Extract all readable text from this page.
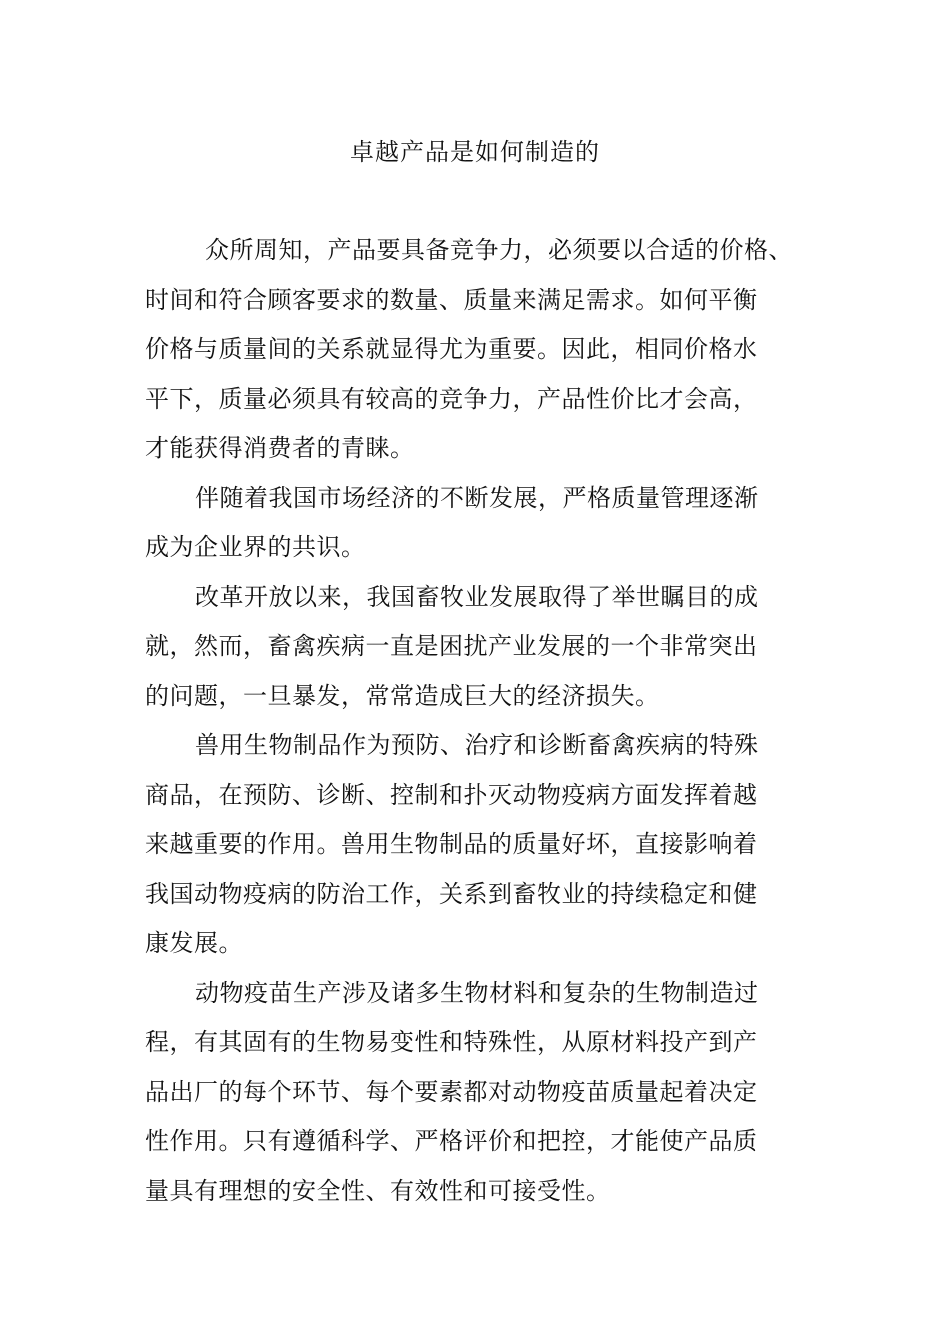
卓越产品是如何制造的
众所周知，产品要具备竞争力，必须要以合适的价格、
时间和符合顾客要求的数量、质量来满足需求。如何平衡
价格与质量间的关系就显得尤为重要。因此，相同价格水
平下，质量必须具有较高的竞争力，产品性价比才会高，
才能获得消费者的青睐。
伴随着我国市场经济的不断发展，严格质量管理逐渐
成为企业界的共识。
改革开放以来，我国畜牧业发展取得了举世瞩目的成
就，然而，畜禽疾病一直是困扰产业发展的一个非常突出
的问题，一旦暴发，常常造成巨大的经济损失。
兽用生物制品作为预防、治疗和诊断畜禽疾病的特殊
商品，在预防、诊断、控制和扑灭动物疫病方面发挥着越
来越重要的作用。兽用生物制品的质量好坏，直接影响着
我国动物疫病的防治工作，关系到畜牧业的持续稳定和健
康发展。
动物疫苗生产涉及诸多生物材料和复杂的生物制造过
程，有其固有的生物易变性和特殊性，从原材料投产到产
品出厂的每个环节、每个要素都对动物疫苗质量起着决定
性作用。只有遵循科学、严格评价和把控，才能使产品质
量具有理想的安全性、有效性和可接受性。
